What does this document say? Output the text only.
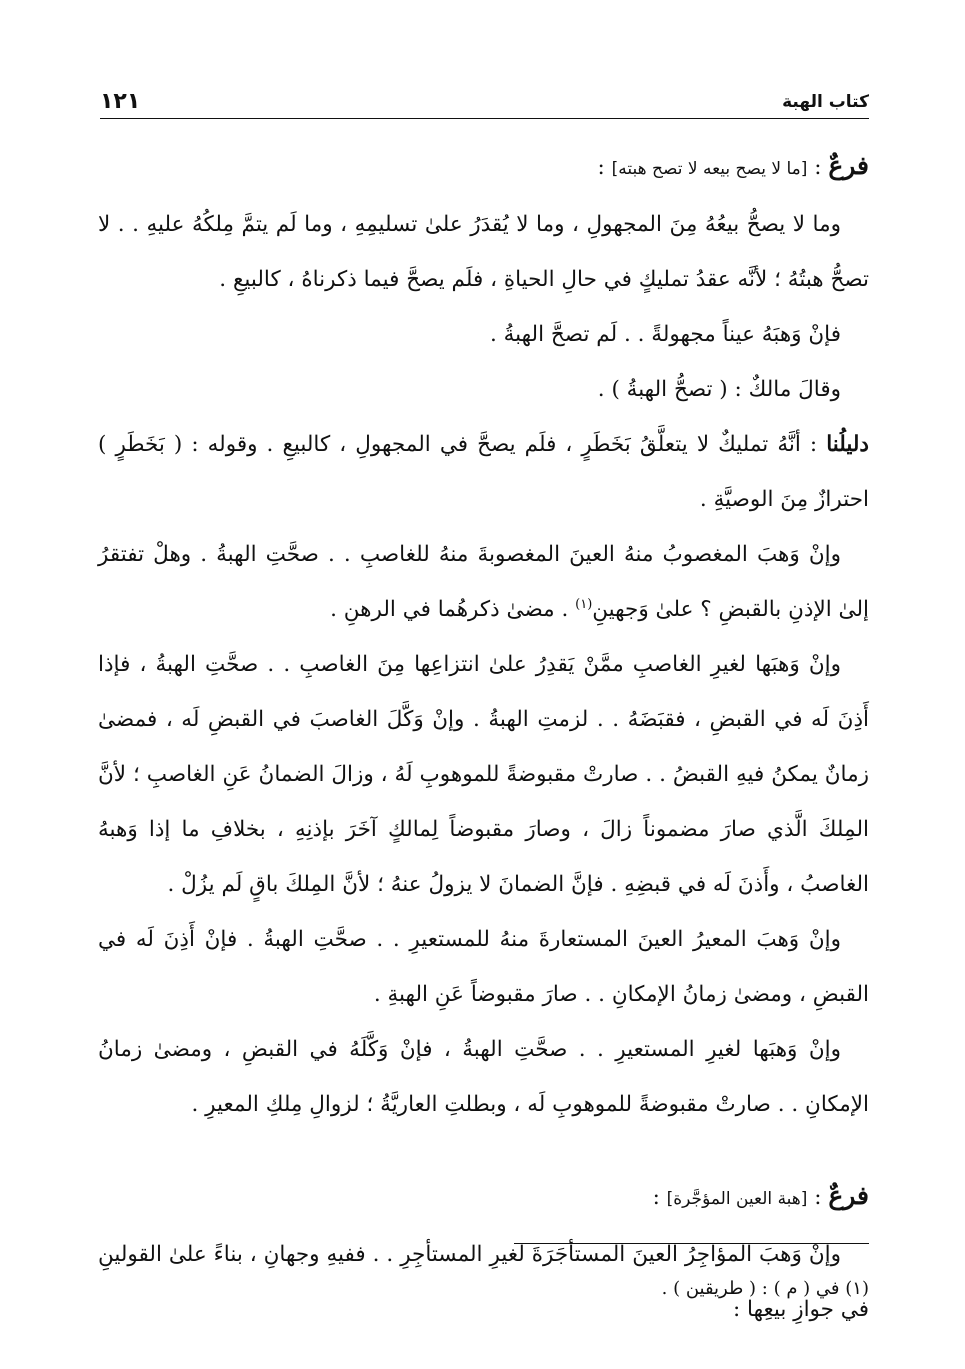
كتاب الهبة
١٢١

فرعٌ : [ما لا يصح بيعه لا تصح هبته] :

وما لا يصحُّ بيعُهُ مِنَ المجهولِ ، وما لا يُقدَرُ علىٰ تسليمِهِ ، وما لَم يتمَّ مِلكُهُ عليهِ . . لا تصحُّ هبتُهُ ؛ لأنَّه عقدُ تمليكٍ في حالِ الحياةِ ، فلَم يصحَّ فيما ذكرناهُ ، كالبيعِ .

فإنْ وَهبَهُ عيناً مجهولةً . . لَم تصحَّ الهبةُ .

وقالَ مالكٌ : ( تصحُّ الهبةُ ) .

دليلُنا : أنَّهُ تمليكٌ لا يتعلَّقُ بَخَطَرٍ ، فلَم يصحَّ في المجهولِ ، كالبيعِ . وقوله : ( بَخَطَرٍ ) احترازٌ مِنَ الوصيَّةِ .

وإنْ وَهبَ المغصوبُ منهُ العينَ المغصوبةَ منهُ للغاصبِ . . صحَّتِ الهبةُ . وهلْ تفتقرُ إلىٰ الإذنِ بالقبضِ ؟ علىٰ وَجهينِ$^{(١)}$ . مضىٰ ذكرهُما في الرهنِ .

وإنْ وَهبَها لغيرِ الغاصبِ ممَّنْ يَقدِرُ علىٰ انتزاعِها مِنَ الغاصبِ . . صحَّتِ الهبةُ ، فإذا أَذِنَ لَه في القبضِ ، فقبَضَهُ . . لزمتِ الهبةُ . وإنْ وَكَّلَ الغاصبَ في القبضِ لَه ، فمضىٰ زمانٌ يمكنُ فيهِ القبضُ . . صارتْ مقبوضةً للموهوبِ لَهُ ، وزالَ الضمانُ عَنِ الغاصبِ ؛ لأنَّ المِلكَ الَّذي صارَ مضموناً زالَ ، وصارَ مقبوضاً لِمالكٍ آخَرَ بإذنِهِ ، بخلافِ ما إذا وَهبهُ الغاصبُ ، وأَذنَ لَه في قبضِهِ . فإنَّ الضمانَ لا يزولُ عنهُ ؛ لأنَّ المِلكَ باقٍ لَم يزُلْ .

وإنْ وَهبَ المعيرُ العينَ المستعارةَ منهُ للمستعيرِ . . صحَّتِ الهبةُ . فإنْ أَذِنَ لَه في القبضِ ، ومضىٰ زمانُ الإمكانِ . . صارَ مقبوضاً عَنِ الهبةِ .

وإنْ وَهبَها لغيرِ المستعيرِ . . صحَّتِ الهبةُ ، فإنْ وَكَّلَهُ في القبضِ ، ومضىٰ زمانُ الإمكانِ . . صارتْ مقبوضةً للموهوبِ لَه ، وبطلتِ العاريَّةُ ؛ لزوالِ مِلكِ المعيرِ .

فرعٌ : [هبة العين المؤجَّرة] :

وإنْ وَهبَ المؤاجِرُ العينَ المستأجَرَةَ لغيرِ المستأجِرِ . . ففيهِ وجهانِ ، بناءً علىٰ القولينِ في جوازِ بيعِها :

(١) في ( م ) : ( طريقين ) .
